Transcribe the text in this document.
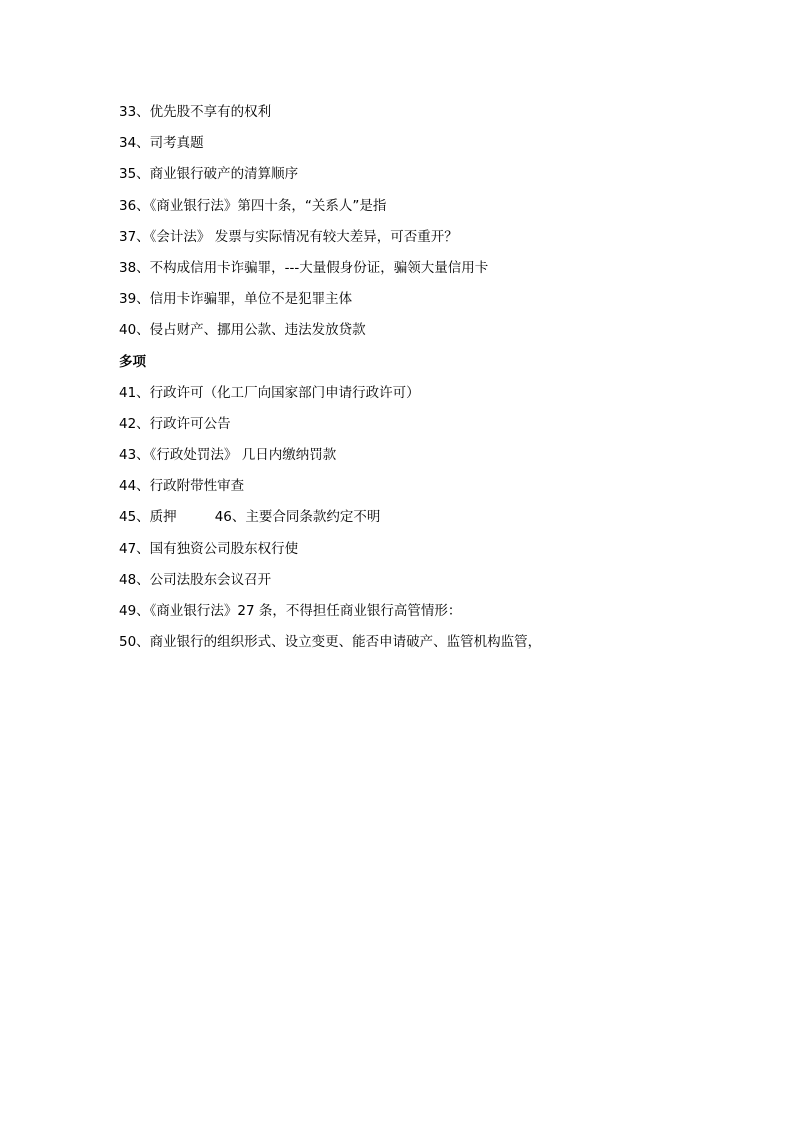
33、优先股不享有的权利
34、司考真题
35、商业银行破产的清算顺序
36、《商业银行法》第四十条，“关系人”是指
37、《会计法》 发票与实际情况有较大差异，可否重开？
38、不构成信用卡诈骗罪，---大量假身份证，骗领大量信用卡
39、信用卡诈骗罪，单位不是犯罪主体
40、侵占财产、挪用公款、违法发放贷款
多项
41、行政许可（化工厂向国家部门申请行政许可）
42、行政许可公告
43、《行政处罚法》 几日内缴纳罚款
44、行政附带性审查
45、质押	46、主要合同条款约定不明
47、国有独资公司股东权行使
48、公司法股东会议召开
49、《商业银行法》27 条，不得担任商业银行高管情形：
50、商业银行的组织形式、设立变更、能否申请破产、监管机构监管，
